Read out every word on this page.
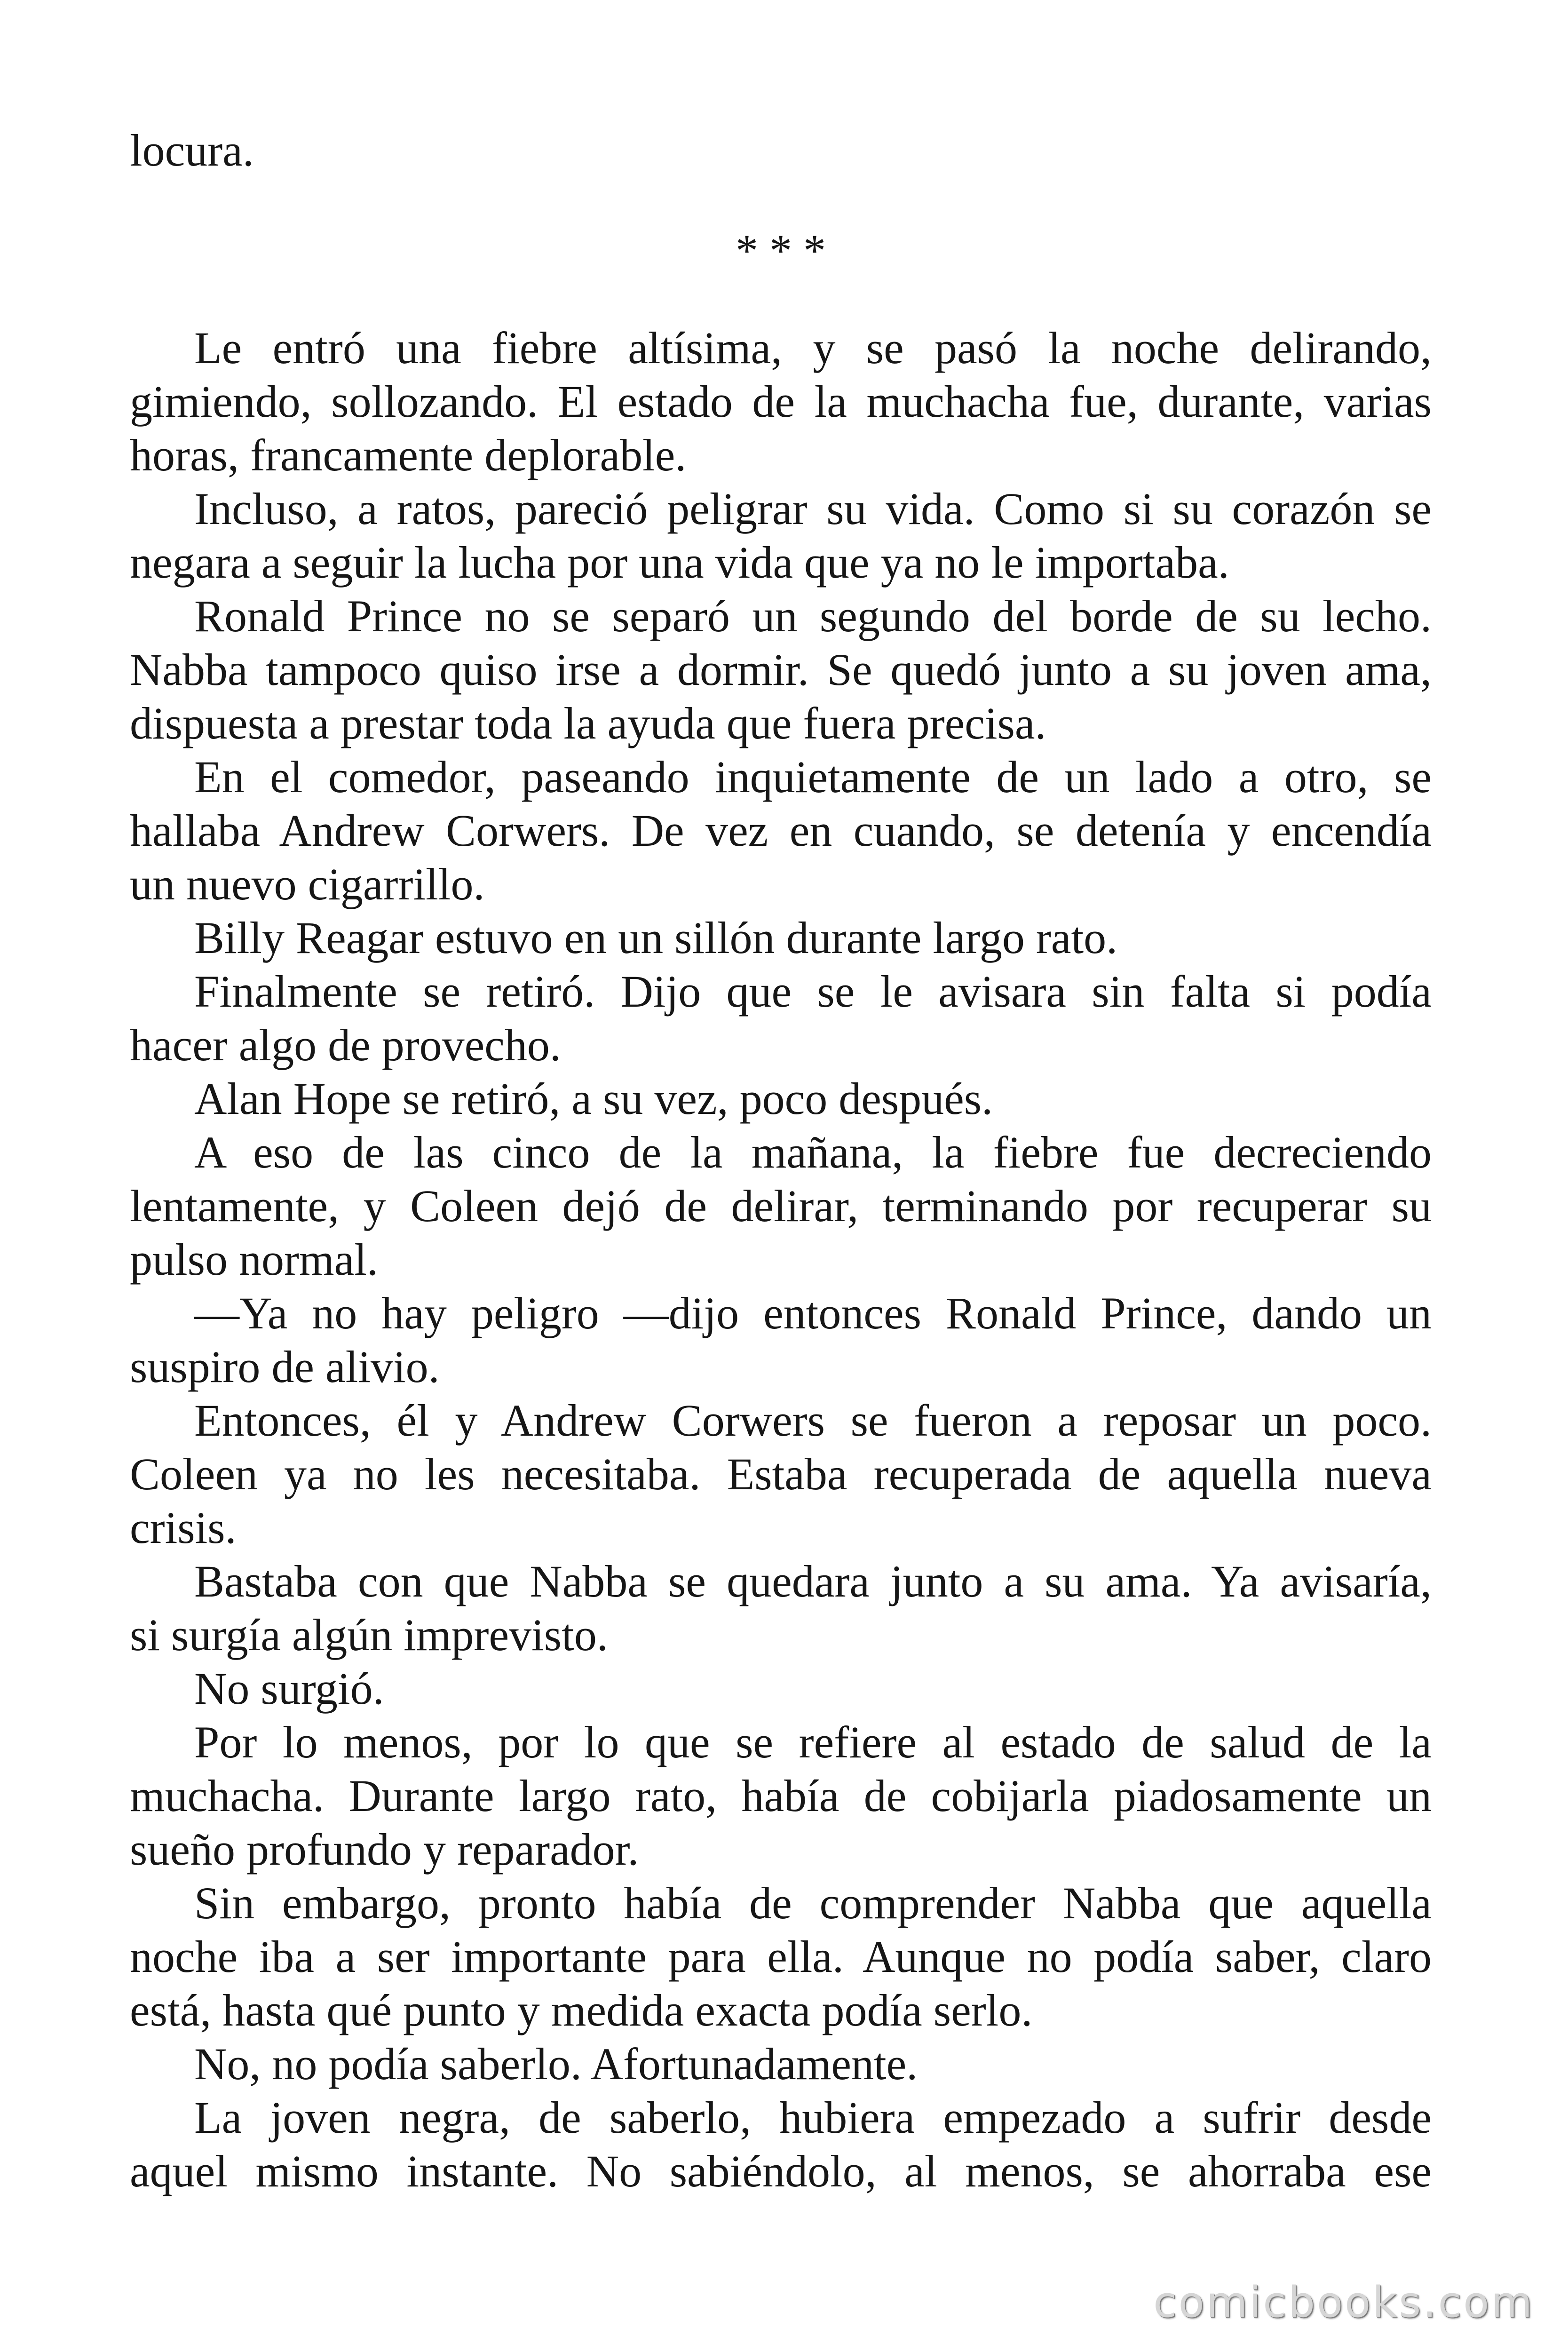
locura.
* * *
Le entró una fiebre altísima, y se pasó la noche delirando,
gimiendo, sollozando. El estado de la muchacha fue, durante, varias
horas, francamente deplorable.
Incluso, a ratos, pareció peligrar su vida. Como si su corazón se
negara a seguir la lucha por una vida que ya no le importaba.
Ronald Prince no se separó un segundo del borde de su lecho.
Nabba tampoco quiso irse a dormir. Se quedó junto a su joven ama,
dispuesta a prestar toda la ayuda que fuera precisa.
En el comedor, paseando inquietamente de un lado a otro, se
hallaba Andrew Corwers. De vez en cuando, se detenía y encendía
un nuevo cigarrillo.
Billy Reagar estuvo en un sillón durante largo rato.
Finalmente se retiró. Dijo que se le avisara sin falta si podía
hacer algo de provecho.
Alan Hope se retiró, a su vez, poco después.
A eso de las cinco de la mañana, la fiebre fue decreciendo
lentamente, y Coleen dejó de delirar, terminando por recuperar su
pulso normal.
—Ya no hay peligro —dijo entonces Ronald Prince, dando un
suspiro de alivio.
Entonces, él y Andrew Corwers se fueron a reposar un poco.
Coleen ya no les necesitaba. Estaba recuperada de aquella nueva
crisis.
Bastaba con que Nabba se quedara junto a su ama. Ya avisaría,
si surgía algún imprevisto.
No surgió.
Por lo menos, por lo que se refiere al estado de salud de la
muchacha. Durante largo rato, había de cobijarla piadosamente un
sueño profundo y reparador.
Sin embargo, pronto había de comprender Nabba que aquella
noche iba a ser importante para ella. Aunque no podía saber, claro
está, hasta qué punto y medida exacta podía serlo.
No, no podía saberlo. Afortunadamente.
La joven negra, de saberlo, hubiera empezado a sufrir desde
aquel mismo instante. No sabiéndolo, al menos, se ahorraba ese
comicbooks.com
